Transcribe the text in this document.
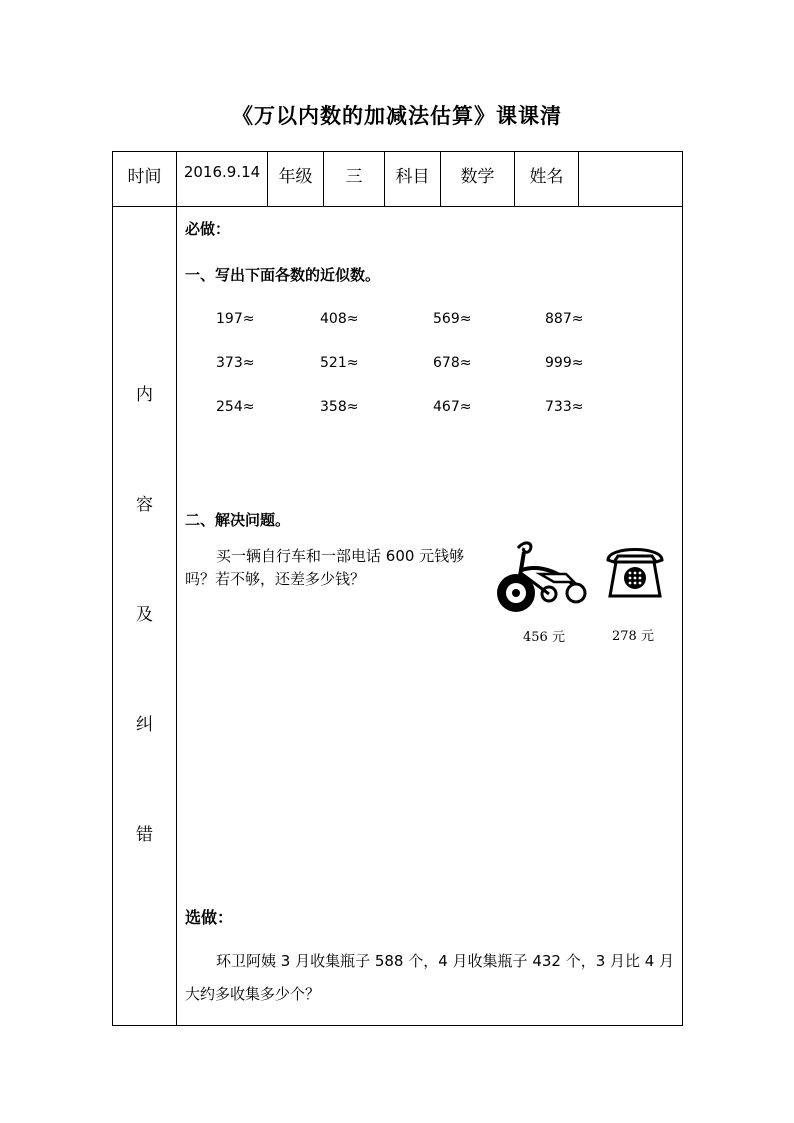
《万以内数的加减法估算》课课清
时间	2016.9.14	年级	三	科目	数学	姓名
内
容
及
纠
错
必做：
一、写出下面各数的近似数。
197≈	408≈	569≈	887≈
373≈	521≈	678≈	999≈
254≈	358≈	467≈	733≈
二、解决问题。
买一辆自行车和一部电话 600 元钱够
吗？若不够，还差多少钱？
456 元	278 元
选做：
环卫阿姨 3 月收集瓶子 588 个，4 月收集瓶子 432 个，3 月比 4 月
大约多收集多少个？
